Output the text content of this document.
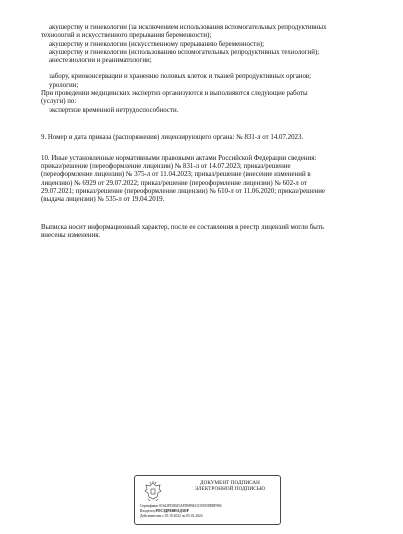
акушерству и гинекологии (за исключением использования вспомогательных репродуктивных
технологий и искусственного прерывания беременности);
акушерству и гинекологии (искусственному прерыванию беременности);
акушерству и гинекологии (использованию вспомогательных репродуктивных технологий);
анестезиологии и реаниматологии;
забору, криоконсервации и хранению половых клеток и тканей репродуктивных органов;
урологии;
При проведении медицинских экспертиз организуются и выполняются следующие работы
(услуги) по:
экспертизе временной нетрудоспособности.
9. Номер и дата приказа (распоряжения) лицензирующего органа: № 831-л от 14.07.2023.
10. Иные установленные нормативными правовыми актами Российской Федерации сведения:
приказ/решение (переоформление лицензии) № 831-л от 14.07.2023; приказ/решение
(переоформление лицензии) № 375-л от 11.04.2023; приказ/решение (внесение изменений в
лицензию) № 6929 от 29.07.2022; приказ/решение (переоформление лицензии) № 602-л от
29.07.2021; приказ/решение (переоформление лицензии) № 610-л от 11.06.2020; приказ/решение
(выдача лицензии) № 535-л от 19.04.2019.
Выписка носит информационный характер, после ее составления в реестр лицензий могли быть
внесены изменения.
ДОКУМЕНТ ПОДПИСАН
ЭЛЕКТРОННОЙ ПОДПИСЬЮ
Сертификат 01641FD0025AFD989431CE5058D8F984
Владелец РОСЗДРАВНАДЗОР
Действителен с 05.10.2022 по 05.01.2024
